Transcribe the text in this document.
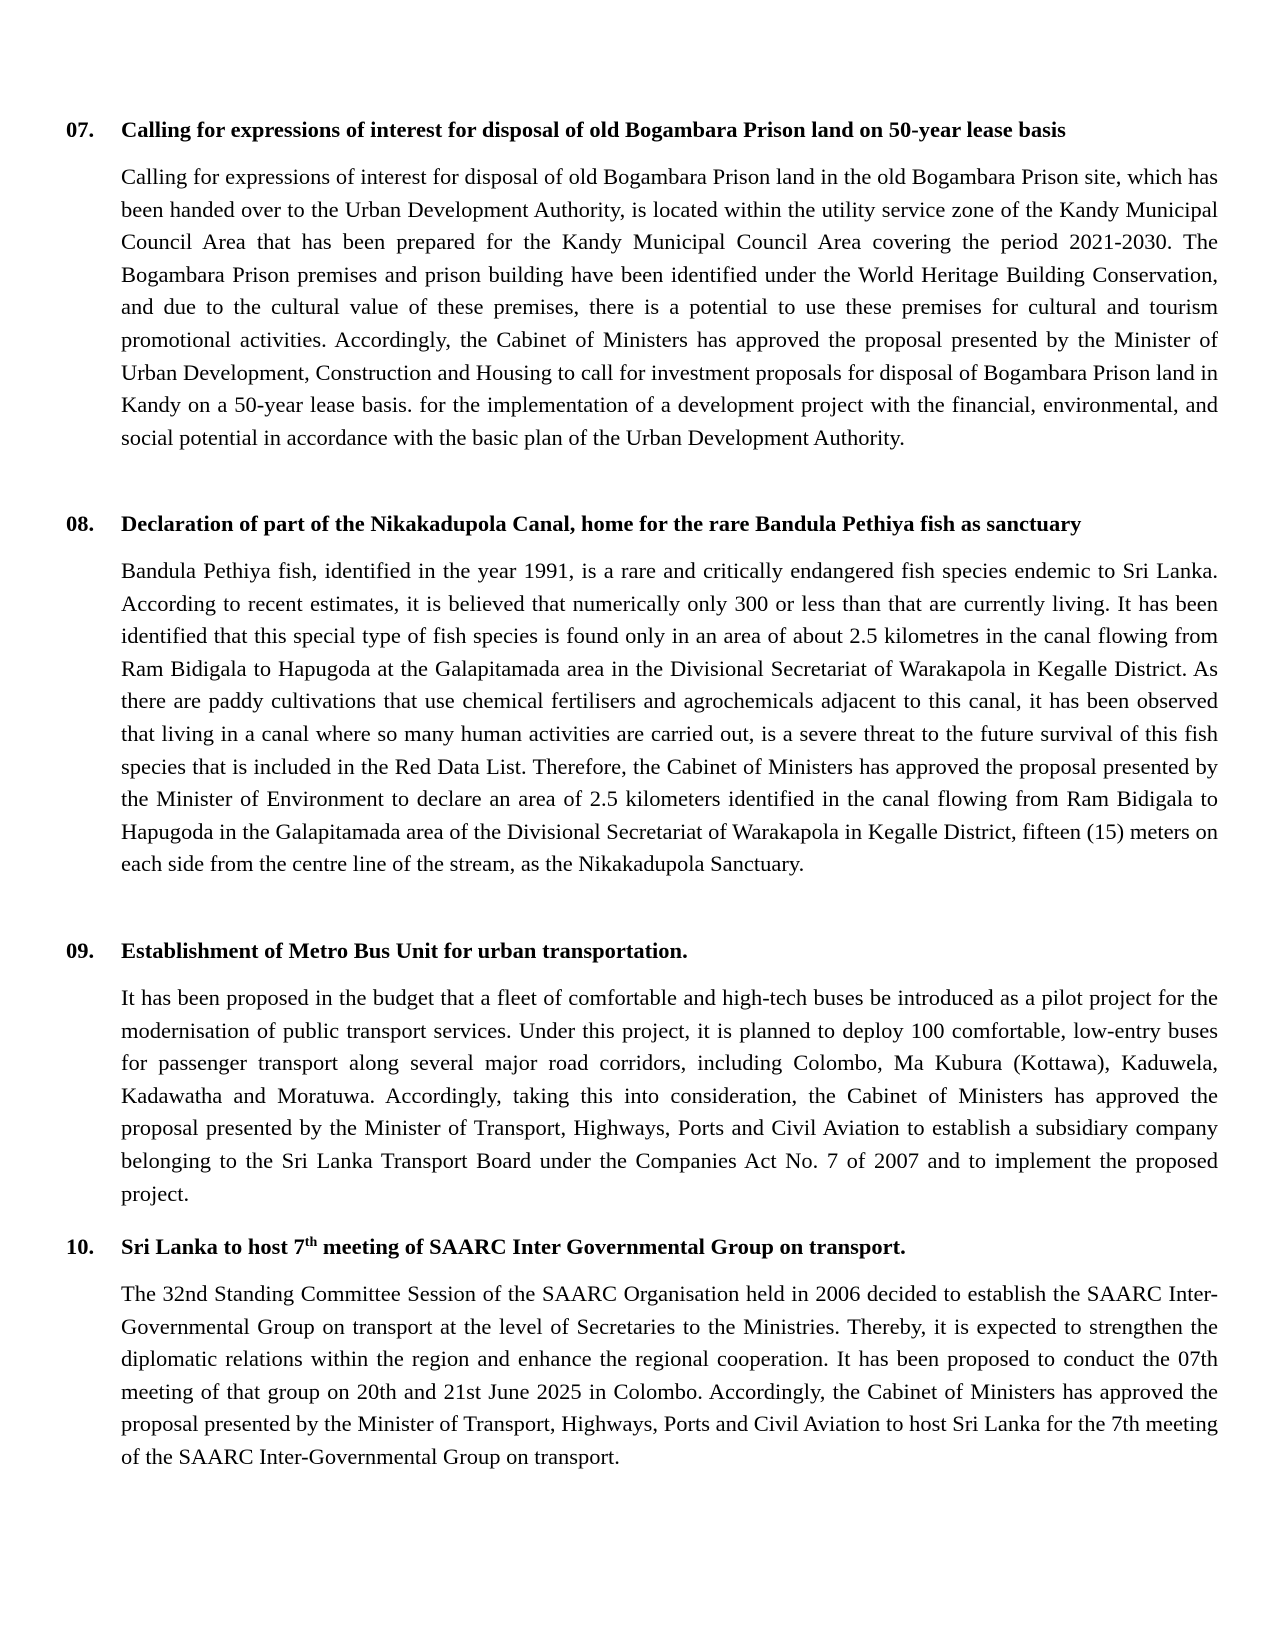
07. Calling for expressions of interest for disposal of old Bogambara Prison land on 50-year lease basis
Calling for expressions of interest for disposal of old Bogambara Prison land in the old Bogambara Prison site, which has been handed over to the Urban Development Authority, is located within the utility service zone of the Kandy Municipal Council Area that has been prepared for the Kandy Municipal Council Area covering the period 2021-2030. The Bogambara Prison premises and prison building have been identified under the World Heritage Building Conservation, and due to the cultural value of these premises, there is a potential to use these premises for cultural and tourism promotional activities. Accordingly, the Cabinet of Ministers has approved the proposal presented by the Minister of Urban Development, Construction and Housing to call for investment proposals for disposal of Bogambara Prison land in Kandy on a 50-year lease basis. for the implementation of a development project with the financial, environmental, and social potential in accordance with the basic plan of the Urban Development Authority.
08. Declaration of part of the Nikakadupola Canal, home for the rare Bandula Pethiya fish as sanctuary
Bandula Pethiya fish, identified in the year 1991, is a rare and critically endangered fish species endemic to Sri Lanka. According to recent estimates, it is believed that numerically only 300 or less than that are currently living. It has been identified that this special type of fish species is found only in an area of about 2.5 kilometres in the canal flowing from Ram Bidigala to Hapugoda at the Galapitamada area in the Divisional Secretariat of Warakapola in Kegalle District. As there are paddy cultivations that use chemical fertilisers and agrochemicals adjacent to this canal, it has been observed that living in a canal where so many human activities are carried out, is a severe threat to the future survival of this fish species that is included in the Red Data List. Therefore, the Cabinet of Ministers has approved the proposal presented by the Minister of Environment to declare an area of 2.5 kilometers identified in the canal flowing from Ram Bidigala to Hapugoda in the Galapitamada area of the Divisional Secretariat of Warakapola in Kegalle District, fifteen (15) meters on each side from the centre line of the stream, as the Nikakadupola Sanctuary.
09. Establishment of Metro Bus Unit for urban transportation.
It has been proposed in the budget that a fleet of comfortable and high-tech buses be introduced as a pilot project for the modernisation of public transport services. Under this project, it is planned to deploy 100 comfortable, low-entry buses for passenger transport along several major road corridors, including Colombo, Ma Kubura (Kottawa), Kaduwela, Kadawatha and Moratuwa. Accordingly, taking this into consideration, the Cabinet of Ministers has approved the proposal presented by the Minister of Transport, Highways, Ports and Civil Aviation to establish a subsidiary company belonging to the Sri Lanka Transport Board under the Companies Act No. 7 of 2007 and to implement the proposed project.
10. Sri Lanka to host 7th meeting of SAARC Inter Governmental Group on transport.
The 32nd Standing Committee Session of the SAARC Organisation held in 2006 decided to establish the SAARC Inter-Governmental Group on transport at the level of Secretaries to the Ministries. Thereby, it is expected to strengthen the diplomatic relations within the region and enhance the regional cooperation. It has been proposed to conduct the 07th meeting of that group on 20th and 21st June 2025 in Colombo. Accordingly, the Cabinet of Ministers has approved the proposal presented by the Minister of Transport, Highways, Ports and Civil Aviation to host Sri Lanka for the 7th meeting of the SAARC Inter-Governmental Group on transport.
